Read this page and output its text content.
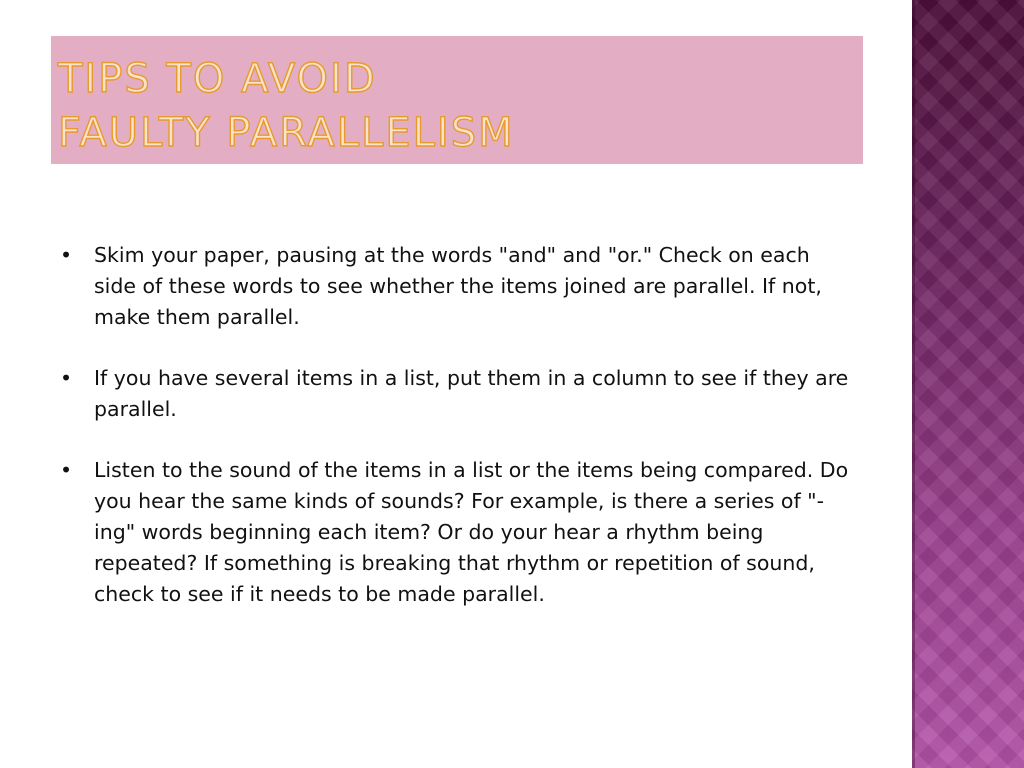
TIPS TO AVOID
FAULTY PARALLELISM
• Skim your paper, pausing at the words "and" and "or." Check on each side of these words to see whether the items joined are parallel. If not, make them parallel.
• If you have several items in a list, put them in a column to see if they are parallel.
• Listen to the sound of the items in a list or the items being compared. Do you hear the same kinds of sounds? For example, is there a series of "-ing" words beginning each item? Or do your hear a rhythm being repeated? If something is breaking that rhythm or repetition of sound, check to see if it needs to be made parallel.
